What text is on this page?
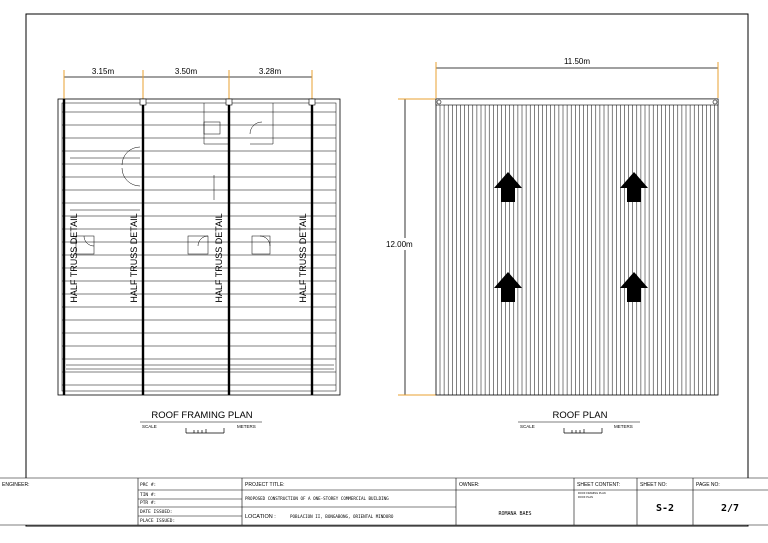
3.15m	3.50m	3.28m
HALF TRUSS DETAIL	HALF TRUSS DETAIL	HALF TRUSS DETAIL	HALF TRUSS DETAIL
ROOF FRAMING PLAN
SCALE	METERS
11.50m
12.00m
ROOF PLAN
SCALE	METERS
ENGINEER:	PRC #:
TIN #:
PTR #:
DATE ISSUED:
PLACE ISSUED:
PROJECT TITLE:
PROPOSED CONSTRUCTION OF A ONE-STOREY COMMERCIAL BUILDING
LOCATION :	POBLACION II, BONGABONG, ORIENTAL MINDORO
OWNER:
ROMANA BAES
SHEET CONTENT:
ROOF FRAMING PLAN
ROOF PLAN
SHEET NO:
S-2
PAGE NO:
2/7
